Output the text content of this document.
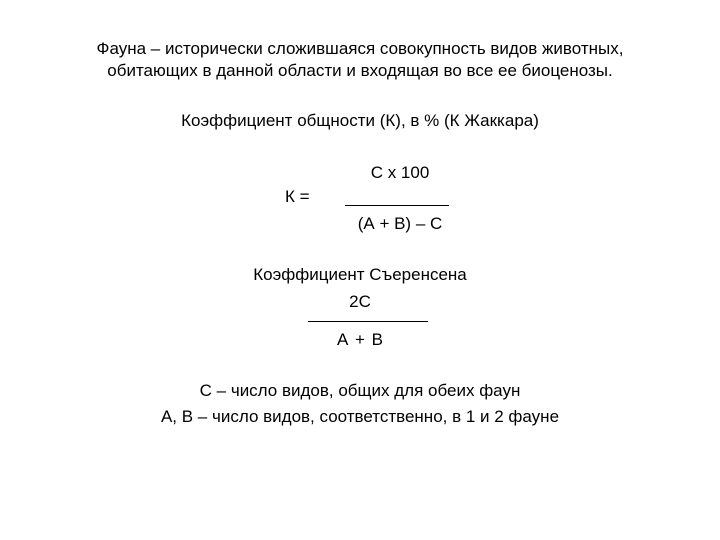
Фауна – исторически сложившаяся совокупность видов животных,
обитающих в данной области и входящая во все ее биоценозы.
Коэффициент общности (К), в % (К Жаккара)
С х 100
К =
(А + В) – С
Коэффициент Съеренсена
2С
А + В
С – число видов, общих для обеих фаун
А, В – число видов, соответственно, в 1 и 2 фауне
